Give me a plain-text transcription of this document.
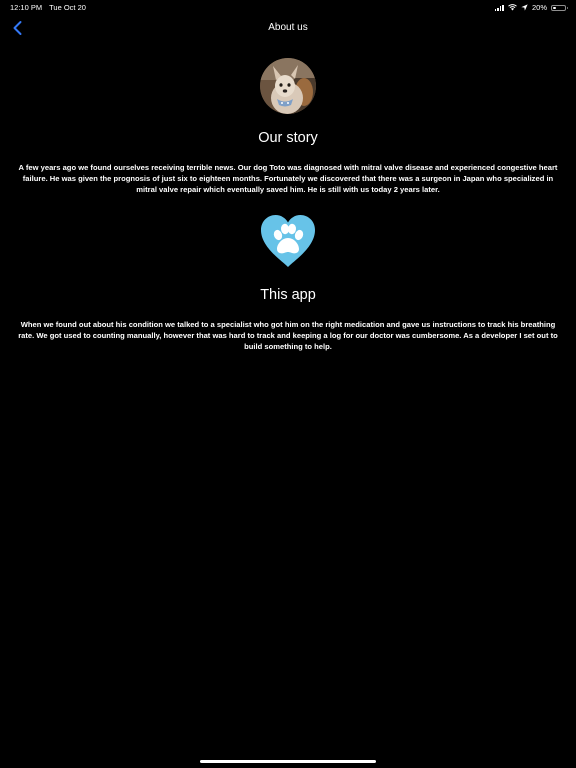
12:10 PM Tue Oct 20	20%
About us
Our story
A few years ago we found ourselves receiving terrible news. Our dog Toto was diagnosed with mitral valve disease and experienced congestive heart failure. He was given the prognosis of just six to eighteen months. Fortunately we discovered that there was a surgeon in Japan who specialized in mitral valve repair which eventually saved him. He is still with us today 2 years later.
This app
When we found out about his condition we talked to a specialist who got him on the right medication and gave us instructions to track his breathing rate. We got used to counting manually, however that was hard to track and keeping a log for our doctor was cumbersome. As a developer I set out to build something to help.
